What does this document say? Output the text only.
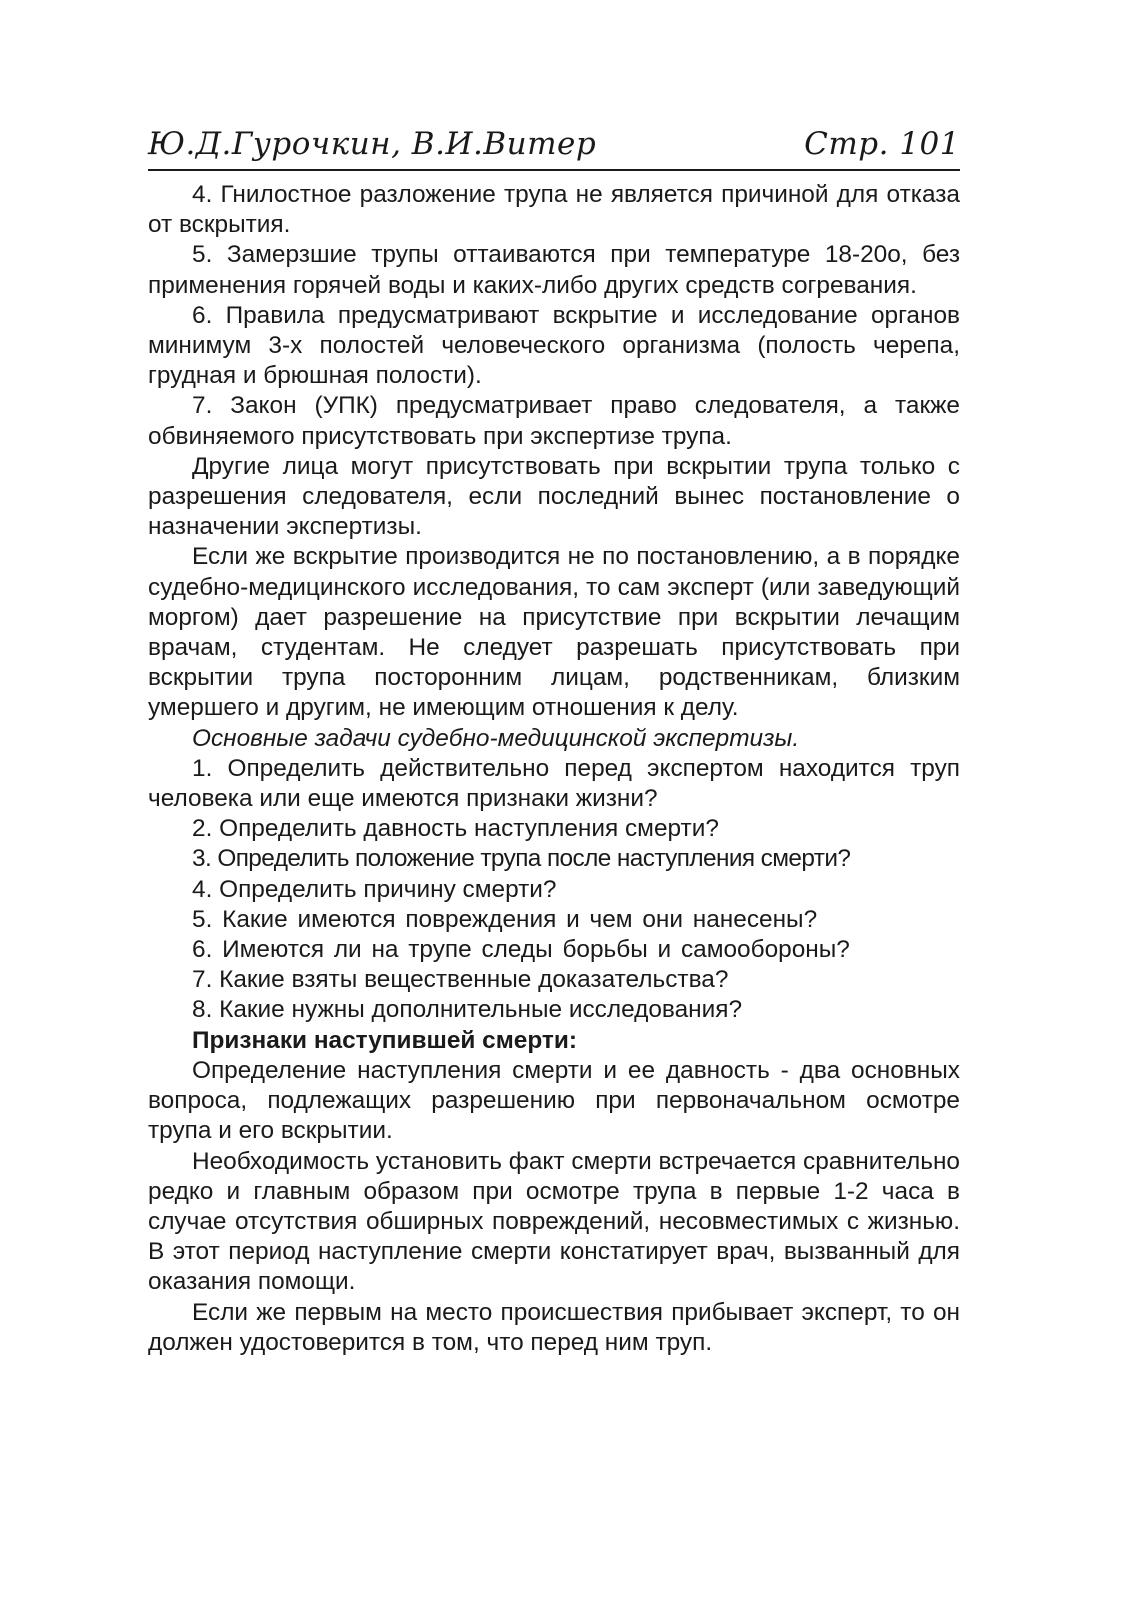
Ю.Д.Гурочкин, В.И.Витер	Стр. 101

4. Гнилостное разложение трупа не является причиной для отказа от вскрытия.

5. Замерзшие трупы оттаиваются при температуре 18-20о, без применения горячей воды и каких-либо других средств согревания.

6. Правила предусматривают вскрытие и исследование органов минимум 3-х полостей человеческого организма (полость черепа, грудная и брюшная полости).

7. Закон (УПК) предусматривает право следователя, а также обвиняемого присутствовать при экспертизе трупа.

Другие лица могут присутствовать при вскрытии трупа только с разрешения следователя, если последний вынес постановление о назначении экспертизы.

Если же вскрытие производится не по постановлению, а в порядке судебно-медицинского исследования, то сам эксперт (или заведующий моргом) дает разрешение на присутствие при вскрытии лечащим врачам, студентам. Не следует разрешать присутствовать при вскрытии трупа посторонним лицам, родственникам, близким умершего и другим, не имеющим отношения к делу.

Основные задачи судебно-медицинской экспертизы.

1. Определить действительно перед экспертом находится труп человека или еще имеются признаки жизни?

2. Определить давность наступления смерти?

3. Определить положение трупа после наступления смерти?

4. Определить причину смерти?

5. Какие имеются повреждения и чем они нанесены?

6. Имеются ли на трупе следы борьбы и самообороны?

7. Какие взяты вещественные доказательства?

8. Какие нужны дополнительные исследования?

Признаки наступившей смерти:

Определение наступления смерти и ее давность - два основных вопроса, подлежащих разрешению при первоначальном осмотре трупа и его вскрытии.

Необходимость установить факт смерти встречается сравнительно редко и главным образом при осмотре трупа в первые 1-2 часа в случае отсутствия обширных повреждений, несовместимых с жизнью. В этот период наступление смерти констатирует врач, вызванный для оказания помощи.

Если же первым на место происшествия прибывает эксперт, то он должен удостоверится в том, что перед ним труп.
